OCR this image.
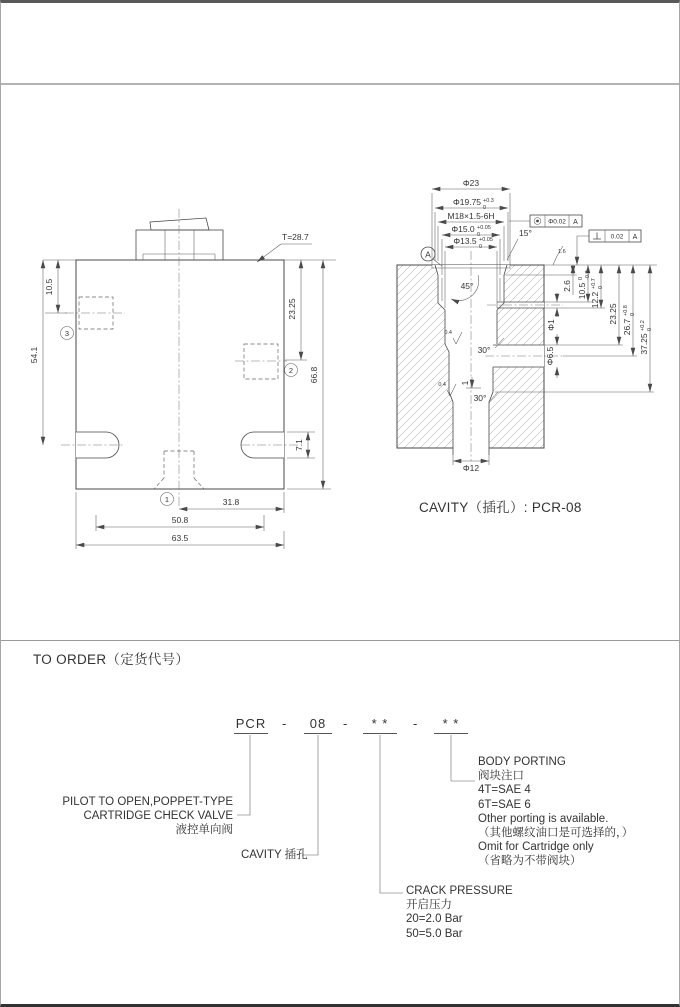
3
2
1
10.5
54.1
23.25
66.8
7.1
T=28.7
31.8
50.8
63.5
Φ13.5 +0.05
0
Φ15.0 +0.05
0
M18×1.5-6H
Φ19.75 +0.3
0
Φ23
15°
45°
30°
30°
A
Φ0.02 A
0.02 A
1.6
0.4
0.4
2.6 10.5
0 -0.2
12.2
+0.7 0
23.25
26.7
+0.8 0
37.25
+0.2 0
Φ1
Φ6.5
1
Φ12
CAVITY（插孔）: PCR-08
TO ORDER（定货代号）
PCR -	08	-	* *	-	* *
PILOT TO OPEN,POPPET-TYPE
CARTRIDGE CHECK VALVE
液控单向阀
CAVITY 插孔
CRACK PRESSURE
开启压力
20=2.0 Bar
50=5.0 Bar
BODY PORTING
阀块注口
4T=SAE 4
6T=SAE 6
Other porting is available.
（其他螺纹油口是可选择的，）
Omit for Cartridge only
（省略为不带阀块）
